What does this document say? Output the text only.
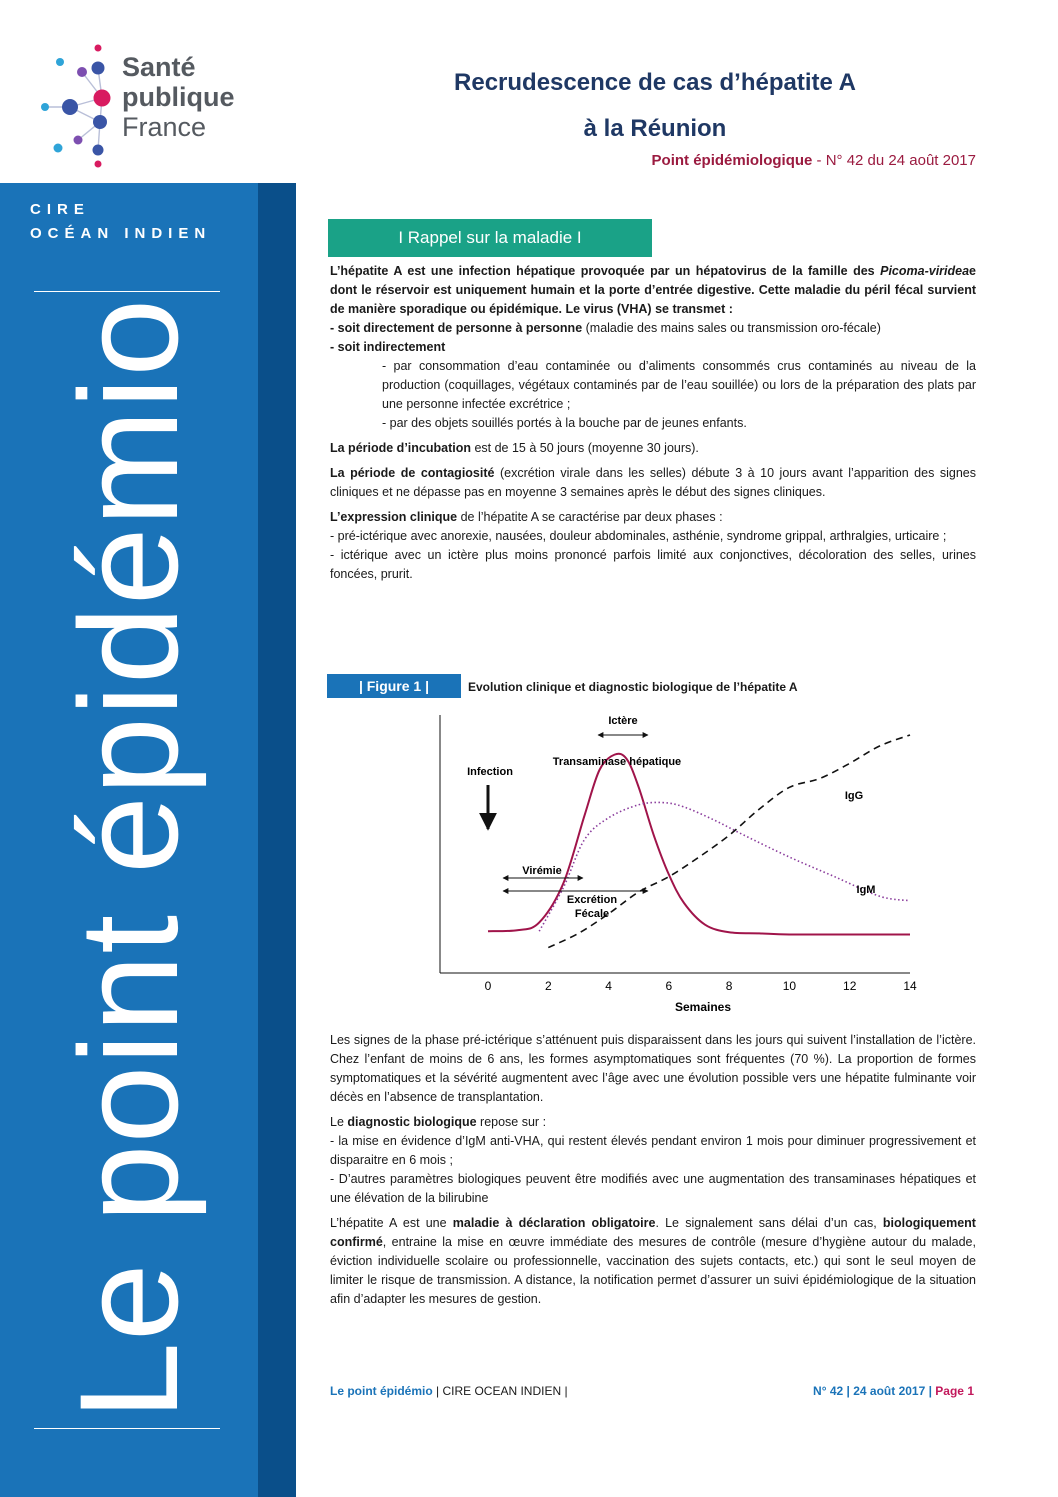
Santé
publique
France
CIRE
OCÉAN INDIEN
Le point épidémio
Recrudescence de cas d’hépatite A
à la Réunion
Point épidémiologique - N° 42 du 24 août 2017
I Rappel sur la maladie I

L’hépatite A est une infection hépatique provoquée par un hépatovirus de la famille des Picoma-virideae dont le réservoir est uniquement humain et la porte d’entrée digestive. Cette maladie du péril fécal survient de manière sporadique ou épidémique. Le virus (VHA) se transmet :

- soit directement de personne à personne (maladie des mains sales ou transmission oro-fécale)

- soit indirectement

- par consommation d’eau contaminée ou d’aliments consommés crus contaminés au niveau de la production (coquillages, végétaux contaminés par de l’eau souillée) ou lors de la préparation des plats par une personne infectée excrétrice ;

- par des objets souillés portés à la bouche par de jeunes enfants.

La période d’incubation est de 15 à 50 jours (moyenne 30 jours).

La période de contagiosité (excrétion virale dans les selles) débute 3 à 10 jours avant l’apparition des signes cliniques et ne dépasse pas en moyenne 3 semaines après le début des signes cliniques.

L’expression clinique de l’hépatite A se caractérise par deux phases :

- pré-ictérique avec anorexie, nausées, douleur abdominales, asthénie, syndrome grippal, arthralgies, urticaire ;

- ictérique avec un ictère plus moins prononcé parfois limité aux conjonctives, décoloration des selles, urines foncées, prurit.

| Figure 1 |	Evolution clinique et diagnostic biologique de l’hépatite A
0	2	4	6	8	10	12	14
Ictère
Transaminase hépatique
Infection
IgG
IgM
Virémie
Excrétion
Fécale
Semaines

Les signes de la phase pré-ictérique s’atténuent puis disparaissent dans les jours qui suivent l’installation de l’ictère. Chez l’enfant de moins de 6 ans, les formes asymptomatiques sont fréquentes (70 %). La proportion de formes symptomatiques et la sévérité augmentent avec l’âge avec une évolution possible vers une hépatite fulminante voir décès en l’absence de transplantation.

Le diagnostic biologique repose sur :

- la mise en évidence d’IgM anti-VHA, qui restent élevés pendant environ 1 mois pour diminuer progressivement et disparaitre en 6 mois ;

- D’autres paramètres biologiques peuvent être modifiés avec une augmentation des transaminases hépatiques et une élévation de la bilirubine

L’hépatite A est une maladie à déclaration obligatoire. Le signalement sans délai d’un cas, biologiquement confirmé, entraine la mise en œuvre immédiate des mesures de contrôle (mesure d’hygiène autour du malade, éviction individuelle scolaire ou professionnelle, vaccination des sujets contacts, etc.) qui sont le seul moyen de limiter le risque de transmission. A distance, la notification permet d’assurer un suivi épidémiologique de la situation afin d’adapter les mesures de gestion.

Le point épidémio | CIRE OCEAN INDIEN |	N° 42 | 24 août 2017 | Page 1
